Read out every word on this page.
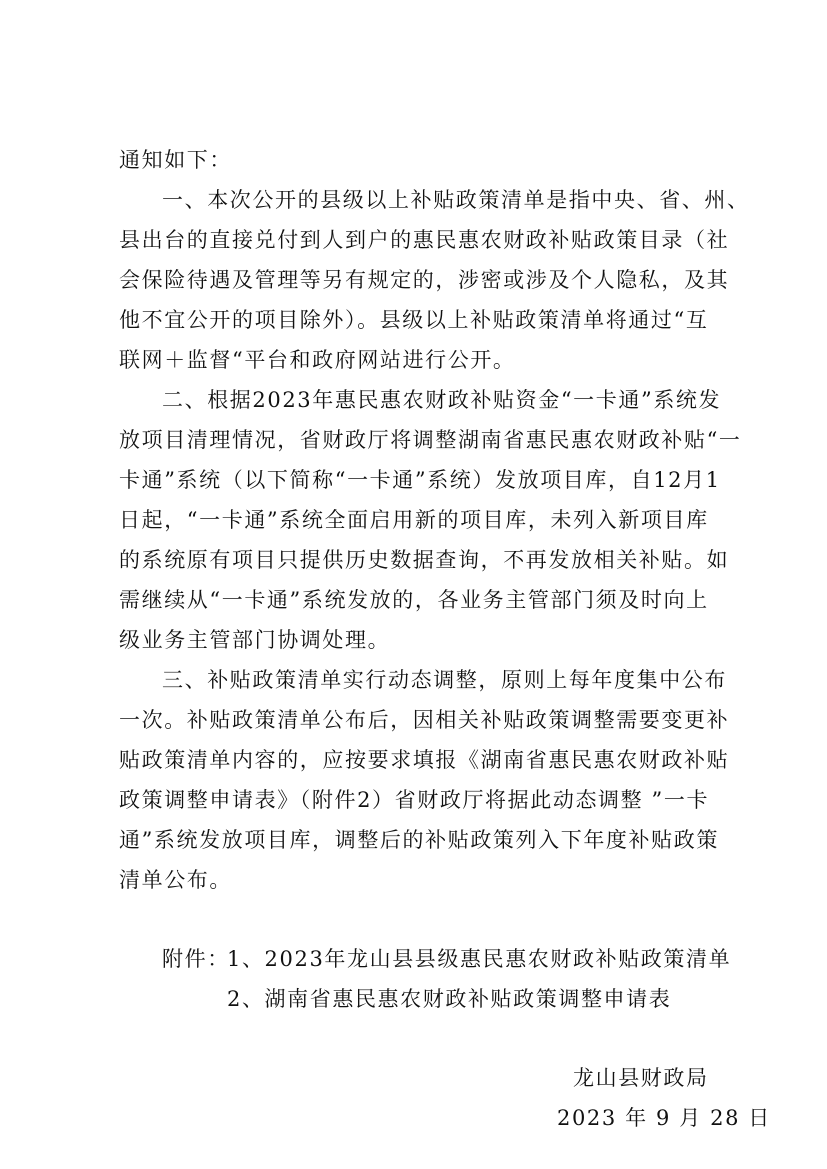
通知如下：
一、本次公开的县级以上补贴政策清单是指中央、省、州、
县出台的直接兑付到人到户的惠民惠农财政补贴政策目录（社
会保险待遇及管理等另有规定的，涉密或涉及个人隐私，及其
他不宜公开的项目除外）。县级以上补贴政策清单将通过“互
联网＋监督“平台和政府网站进行公开。
二、根据2023年惠民惠农财政补贴资金“一卡通”系统发
放项目清理情况，省财政厅将调整湖南省惠民惠农财政补贴“一
卡通”系统（以下简称“一卡通”系统）发放项目库，自12月1
日起，“一卡通”系统全面启用新的项目库，未列入新项目库
的系统原有项目只提供历史数据查询，不再发放相关补贴。如
需继续从“一卡通”系统发放的，各业务主管部门须及时向上
级业务主管部门协调处理。
三、补贴政策清单实行动态调整，原则上每年度集中公布
一次。补贴政策清单公布后，因相关补贴政策调整需要变更补
贴政策清单内容的，应按要求填报《湖南省惠民惠农财政补贴
政策调整申请表》（附件2）省财政厅将据此动态调整 ”一卡
通”系统发放项目库，调整后的补贴政策列入下年度补贴政策
清单公布。
附件：
1、2023年龙山县县级惠民惠农财政补贴政策清单
2、湖南省惠民惠农财政补贴政策调整申请表
龙山县财政局
2023 年 9 月 28 日
